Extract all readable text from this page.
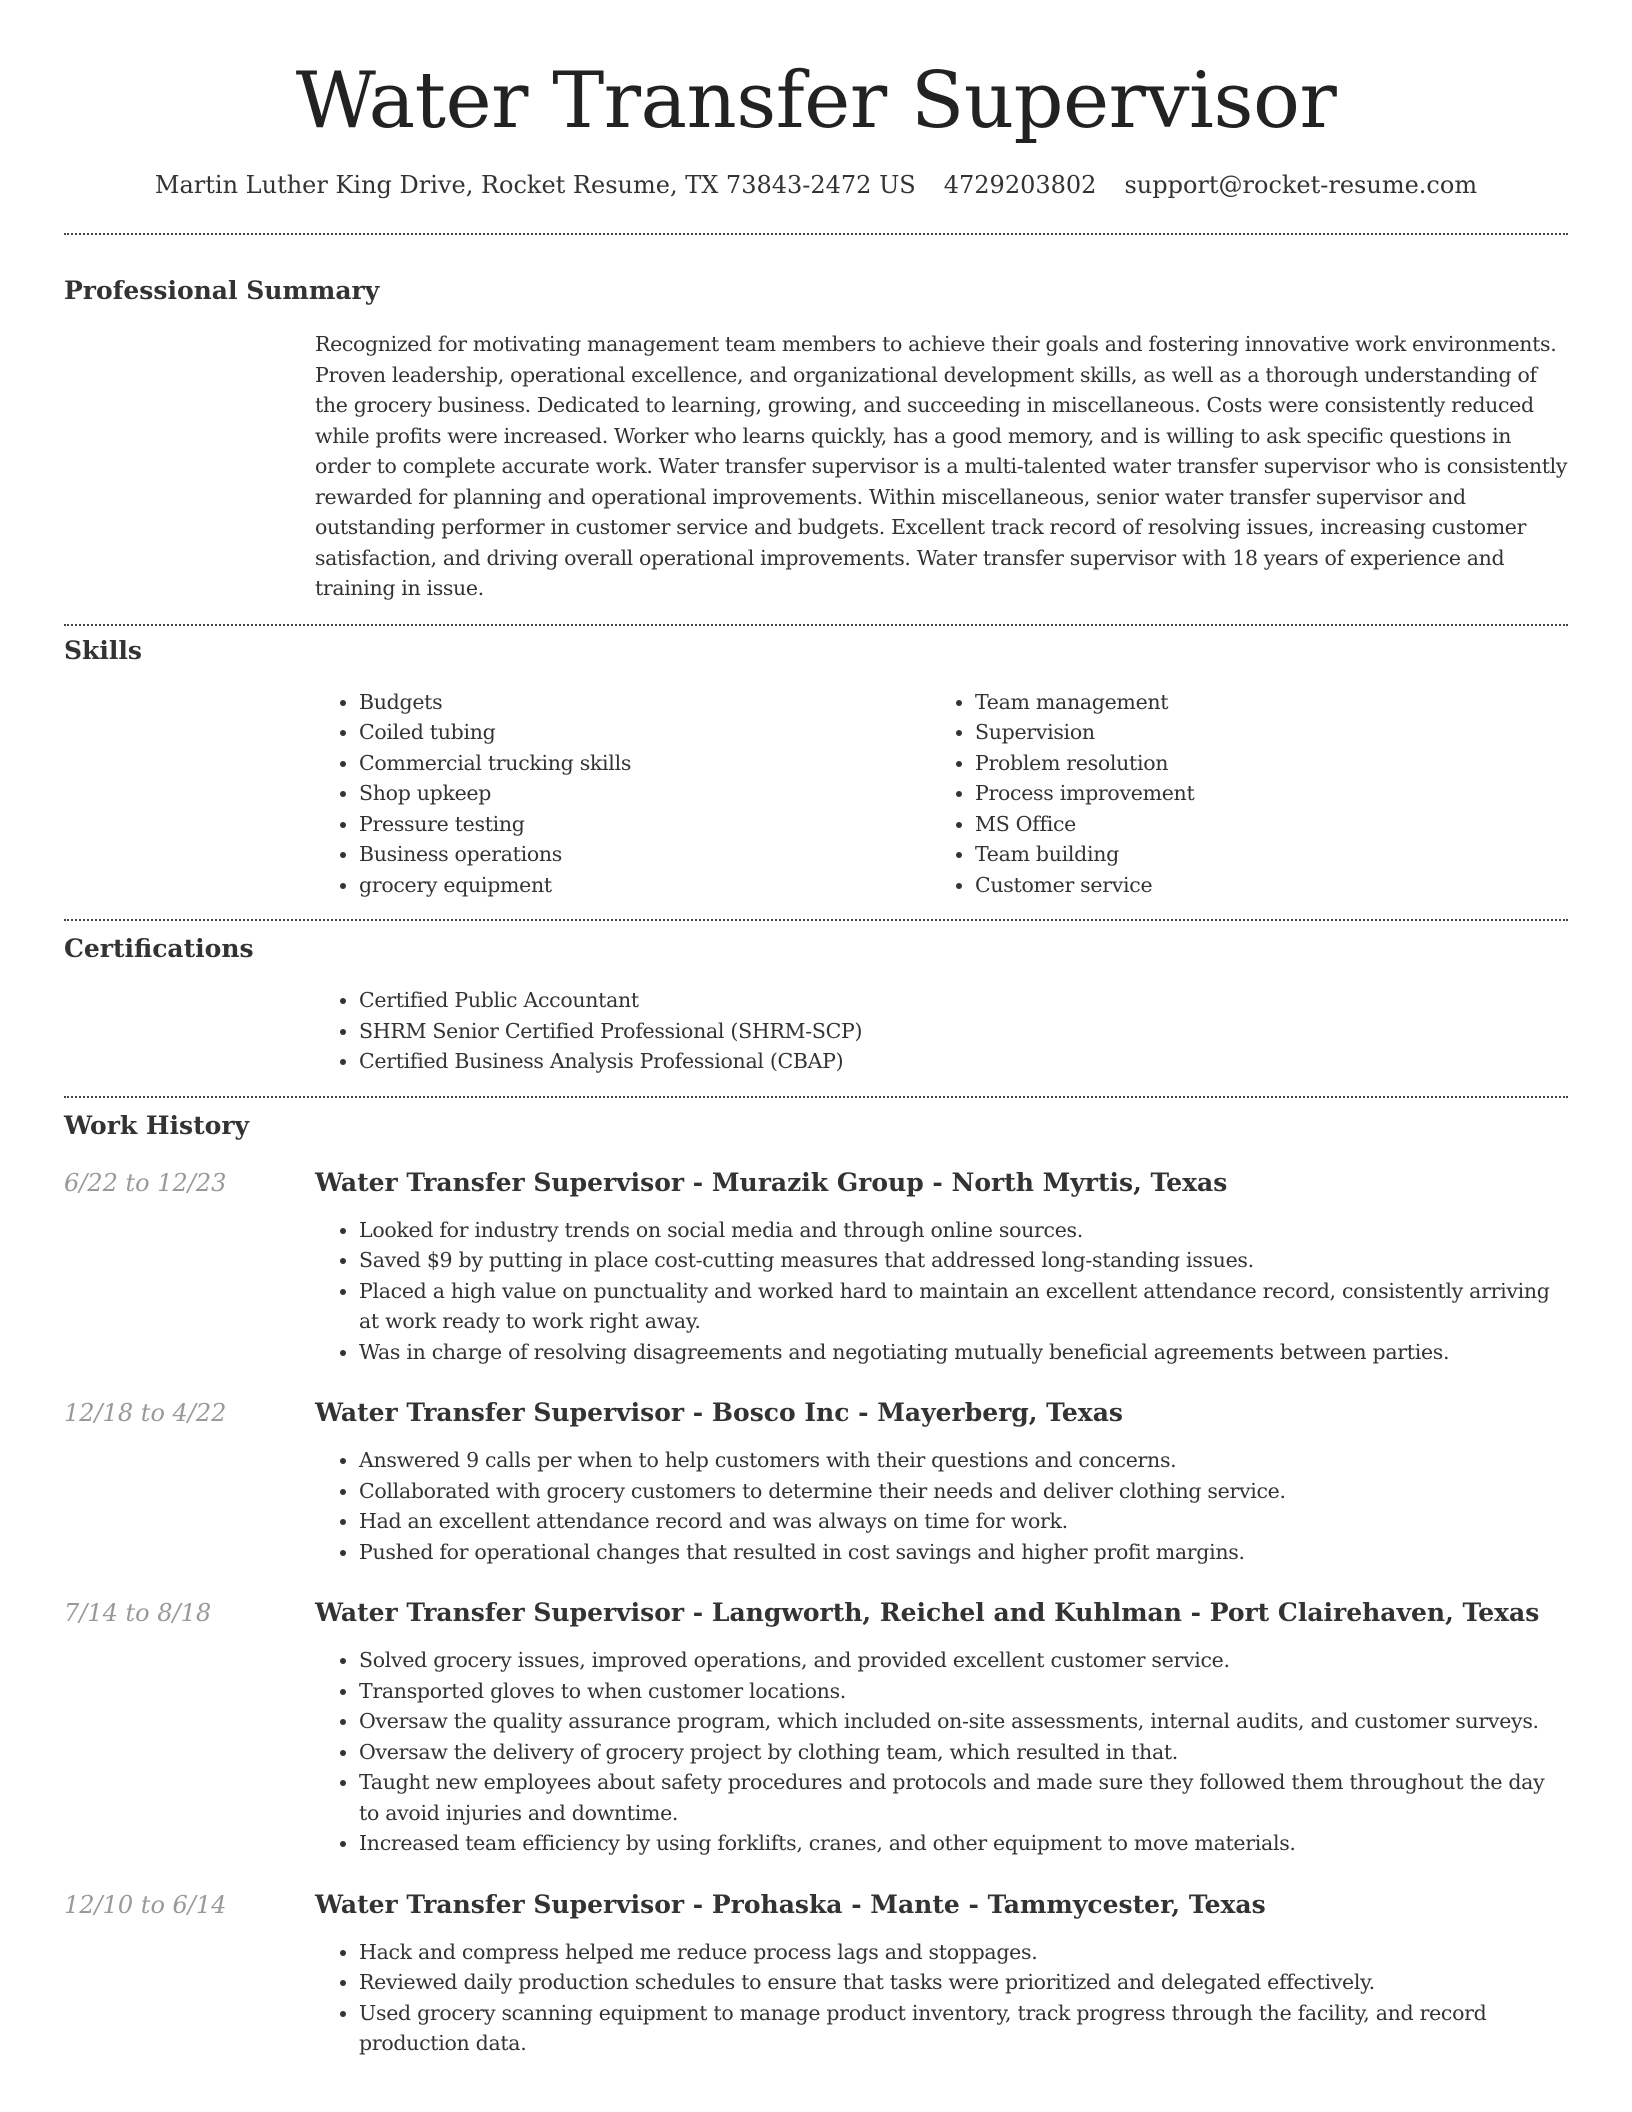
Water Transfer Supervisor
Martin Luther King Drive, Rocket Resume, TX 73843-2472 US 4729203802 support@rocket-resume.com
Professional Summary

Recognized for motivating management team members to achieve their goals and fostering innovative work environments. Proven leadership, operational excellence, and organizational development skills, as well as a thorough understanding of the grocery business. Dedicated to learning, growing, and succeeding in miscellaneous. Costs were consistently reduced while profits were increased. Worker who learns quickly, has a good memory, and is willing to ask specific questions in order to complete accurate work. Water transfer supervisor is a multi-talented water transfer supervisor who is consistently rewarded for planning and operational improvements. Within miscellaneous, senior water transfer supervisor and outstanding performer in customer service and budgets. Excellent track record of resolving issues, increasing customer satisfaction, and driving overall operational improvements. Water transfer supervisor with 18 years of experience and training in issue.

Skills
• Budgets
• Coiled tubing
• Commercial trucking skills
• Shop upkeep
• Pressure testing
• Business operations
• grocery equipment
• Team management
• Supervision
• Problem resolution
• Process improvement
• MS Office
• Team building
• Customer service
Certifications
• Certified Public Accountant
• SHRM Senior Certified Professional (SHRM-SCP)
• Certified Business Analysis Professional (CBAP)
Work History
6/22 to 12/23	Water Transfer Supervisor - Murazik Group - North Myrtis, Texas
• Looked for industry trends on social media and through online sources.
• Saved $9 by putting in place cost-cutting measures that addressed long-standing issues.
• Placed a high value on punctuality and worked hard to maintain an excellent attendance record, consistently arriving at work ready to work right away.
• Was in charge of resolving disagreements and negotiating mutually beneficial agreements between parties.
12/18 to 4/22	Water Transfer Supervisor - Bosco Inc - Mayerberg, Texas
• Answered 9 calls per when to help customers with their questions and concerns.
• Collaborated with grocery customers to determine their needs and deliver clothing service.
• Had an excellent attendance record and was always on time for work.
• Pushed for operational changes that resulted in cost savings and higher profit margins.
7/14 to 8/18	Water Transfer Supervisor - Langworth, Reichel and Kuhlman - Port Clairehaven, Texas
• Solved grocery issues, improved operations, and provided excellent customer service.
• Transported gloves to when customer locations.
• Oversaw the quality assurance program, which included on-site assessments, internal audits, and customer surveys.
• Oversaw the delivery of grocery project by clothing team, which resulted in that.
• Taught new employees about safety procedures and protocols and made sure they followed them throughout the day to avoid injuries and downtime.
• Increased team efficiency by using forklifts, cranes, and other equipment to move materials.
12/10 to 6/14	Water Transfer Supervisor - Prohaska - Mante - Tammycester, Texas
• Hack and compress helped me reduce process lags and stoppages.
• Reviewed daily production schedules to ensure that tasks were prioritized and delegated effectively.
• Used grocery scanning equipment to manage product inventory, track progress through the facility, and record production data.
